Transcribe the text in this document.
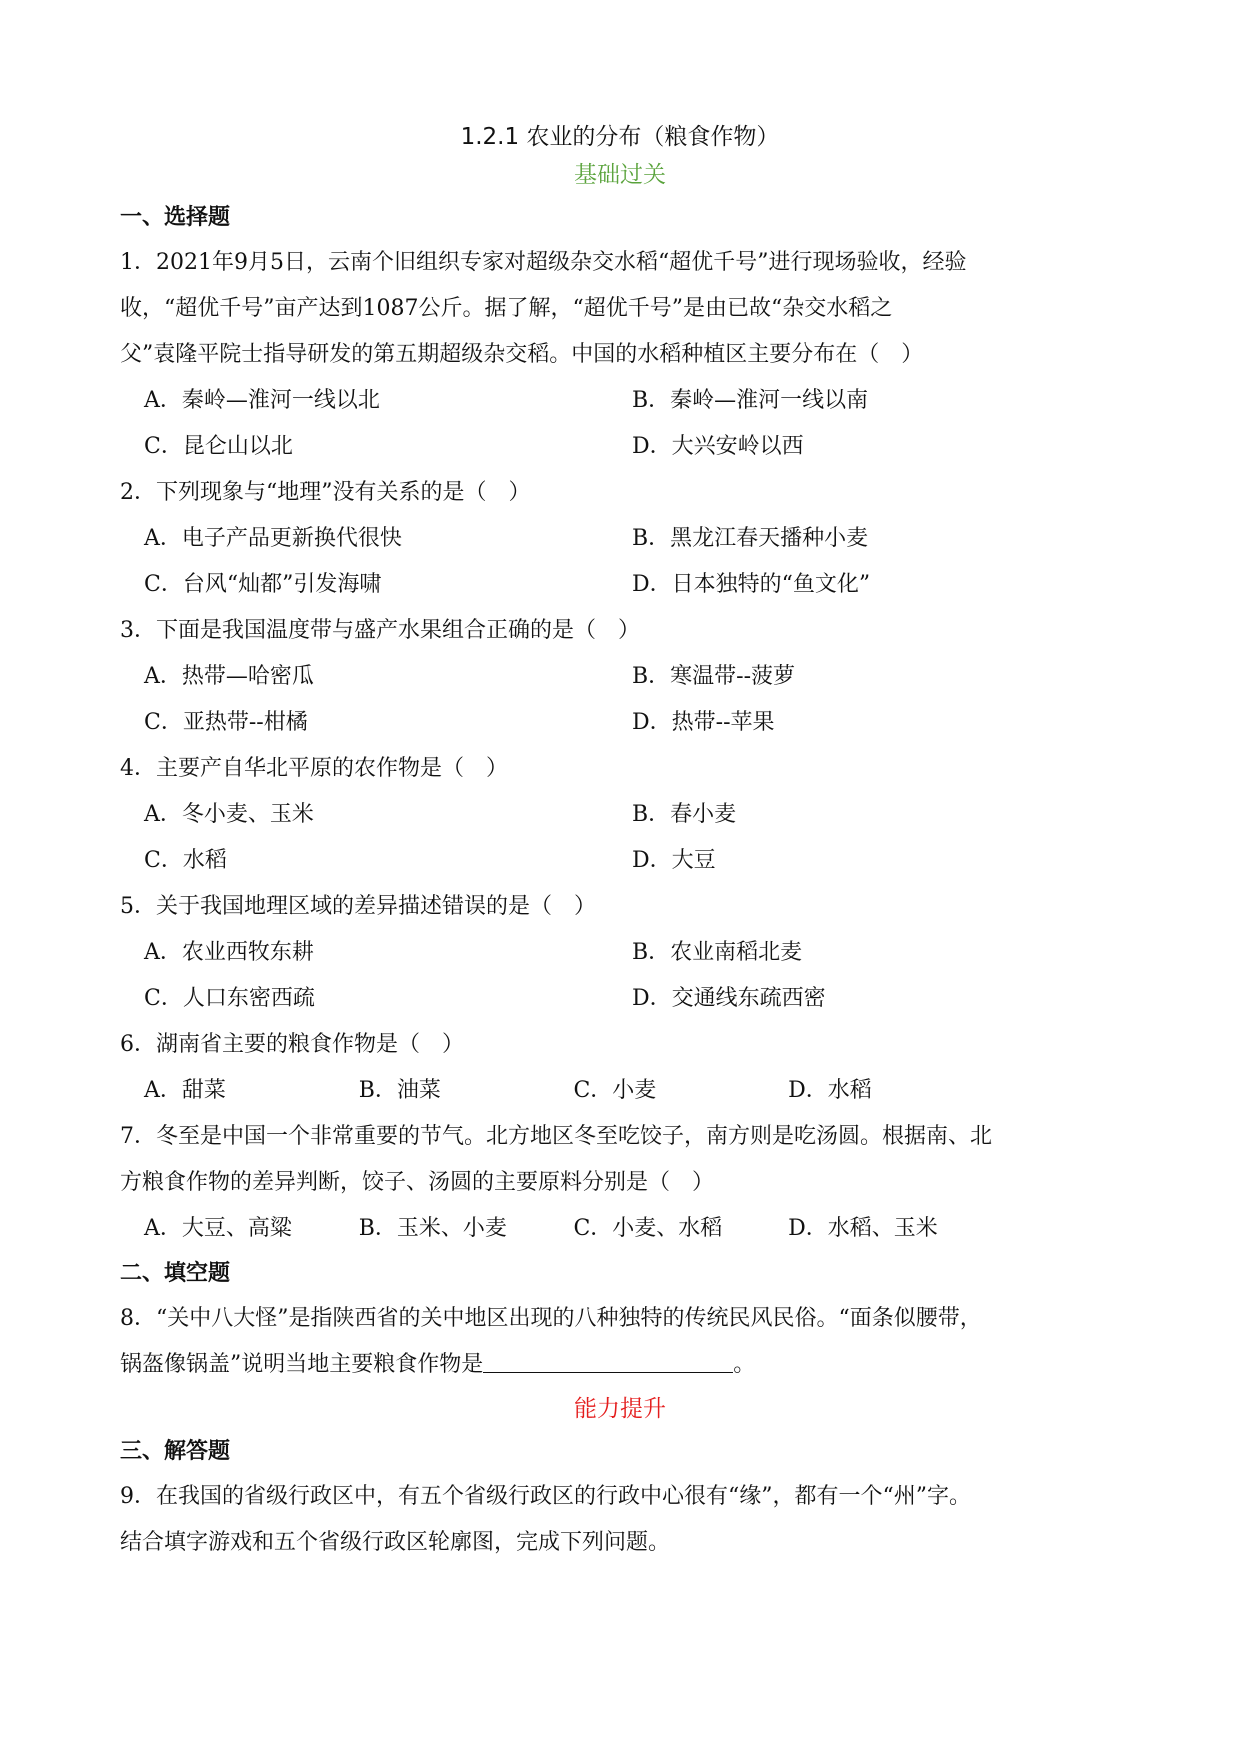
1.2.1 农业的分布（粮食作物）
基础过关
一、选择题
1．2021年9月5日，云南个旧组织专家对超级杂交水稻“超优千号”进行现场验收，经验
收，“超优千号”亩产达到1087公斤。据了解，“超优千号”是由已故“杂交水稻之
父”袁隆平院士指导研发的第五期超级杂交稻。中国的水稻种植区主要分布在（　）
A．秦岭—淮河一线以北	B．秦岭—淮河一线以南
C．昆仑山以北	D．大兴安岭以西
2．下列现象与“地理”没有关系的是（　）
A．电子产品更新换代很快	B．黑龙江春天播种小麦
C．台风“灿都”引发海啸	D．日本独特的“鱼文化”
3．下面是我国温度带与盛产水果组合正确的是（　）
A．热带—哈密瓜	B．寒温带--菠萝
C．亚热带--柑橘	D．热带--苹果
4．主要产自华北平原的农作物是（　）
A．冬小麦、玉米	B．春小麦
C．水稻	D．大豆
5．关于我国地理区域的差异描述错误的是（　）
A．农业西牧东耕	B．农业南稻北麦
C．人口东密西疏	D．交通线东疏西密
6．湖南省主要的粮食作物是（　）
A．甜菜	B．油菜	C．小麦	D．水稻
7．冬至是中国一个非常重要的节气。北方地区冬至吃饺子，南方则是吃汤圆。根据南、北
方粮食作物的差异判断，饺子、汤圆的主要原料分别是（　）
A．大豆、高粱	B．玉米、小麦	C．小麦、水稻	D．水稻、玉米
二、填空题
8．“关中八大怪”是指陕西省的关中地区出现的八种独特的传统民风民俗。“面条似腰带，
锅盔像锅盖”说明当地主要粮食作物是	。
能力提升
三、解答题
9．在我国的省级行政区中，有五个省级行政区的行政中心很有“缘”，都有一个“州”字。
结合填字游戏和五个省级行政区轮廓图，完成下列问题。
